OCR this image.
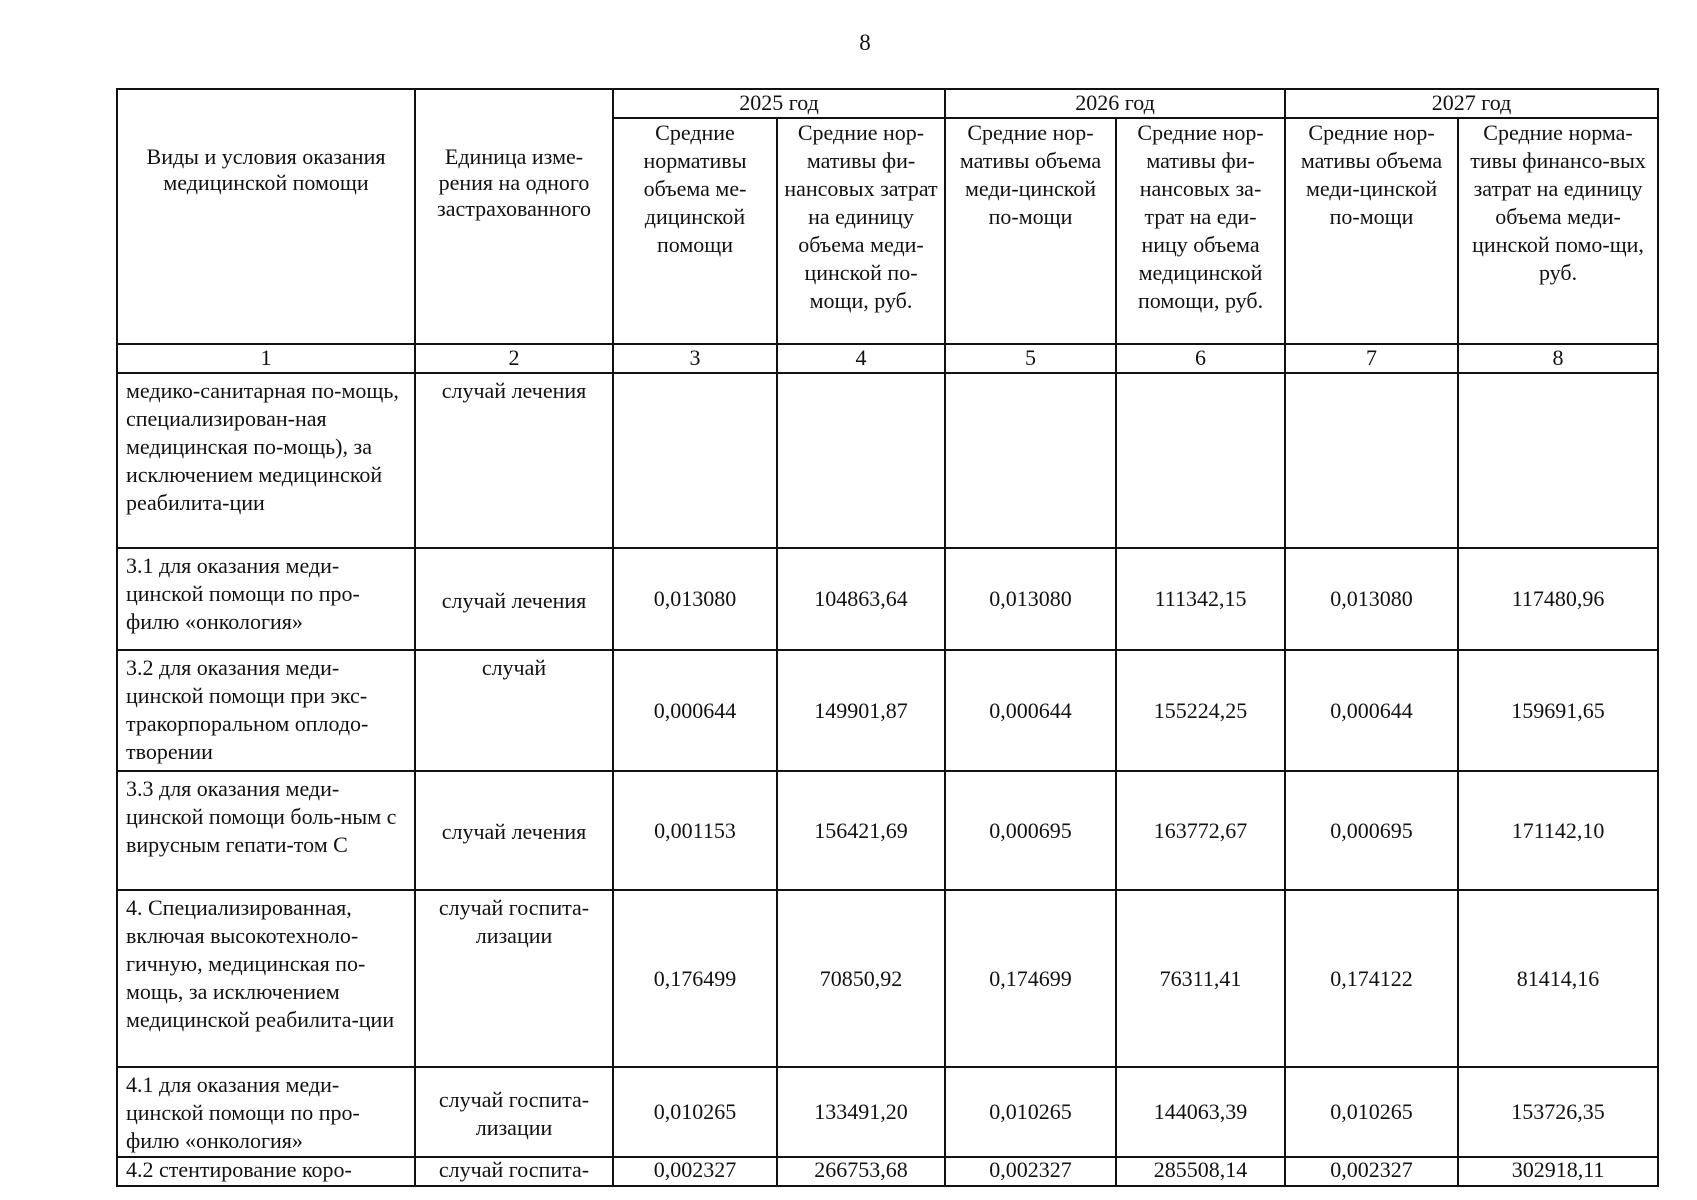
8
Виды и условия оказания медицинской помощи	Единица изме-рения на одного застрахованного	2025 год		2026 год		2027 год	

		Средние нормативы объема ме-дицинской помощи	Средние нор-мативы фи-нансовых затрат на единицу объема меди-цинской по-мощи, руб.	Средние нор-мативы объема меди-цинской по-мощи	Средние нор-мативы фи-нансовых за-трат на еди-ницу объема медицинской помощи, руб.	Средние нор-мативы объема меди-цинской по-мощи	Средние норма-тивы финансо-вых затрат на единицу объема меди-цинской помо-щи, руб.

1	2	3	4	5	6	7	8
медико-санитарная по-мощь, специализирован-ная медицинская по-мощь), за исключением медицинской реабилита-ции	случай лечения						
3.1 для оказания меди-цинской помощи по про-филю «онкология»	случай лечения	0,013080	104863,64	0,013080	111342,15	0,013080	117480,96
3.2 для оказания меди-цинской помощи при экс-тракорпоральном оплодо-творении	случай	0,000644	149901,87	0,000644	155224,25	0,000644	159691,65
3.3 для оказания меди-цинской помощи боль-ным с вирусным гепати-том С	случай лечения	0,001153	156421,69	0,000695	163772,67	0,000695	171142,10
4. Специализированная, включая высокотехноло-гичную, медицинская по-мощь, за исключением медицинской реабилита-ции	случай госпита-лизации	0,176499	70850,92	0,174699	76311,41	0,174122	81414,16
4.1 для оказания меди-цинской помощи по про-филю «онкология»	случай госпита-лизации	0,010265	133491,20	0,010265	144063,39	0,010265	153726,35
4.2 стентирование коро-	случай госпита-	0,002327	266753,68	0,002327	285508,14	0,002327	302918,11
